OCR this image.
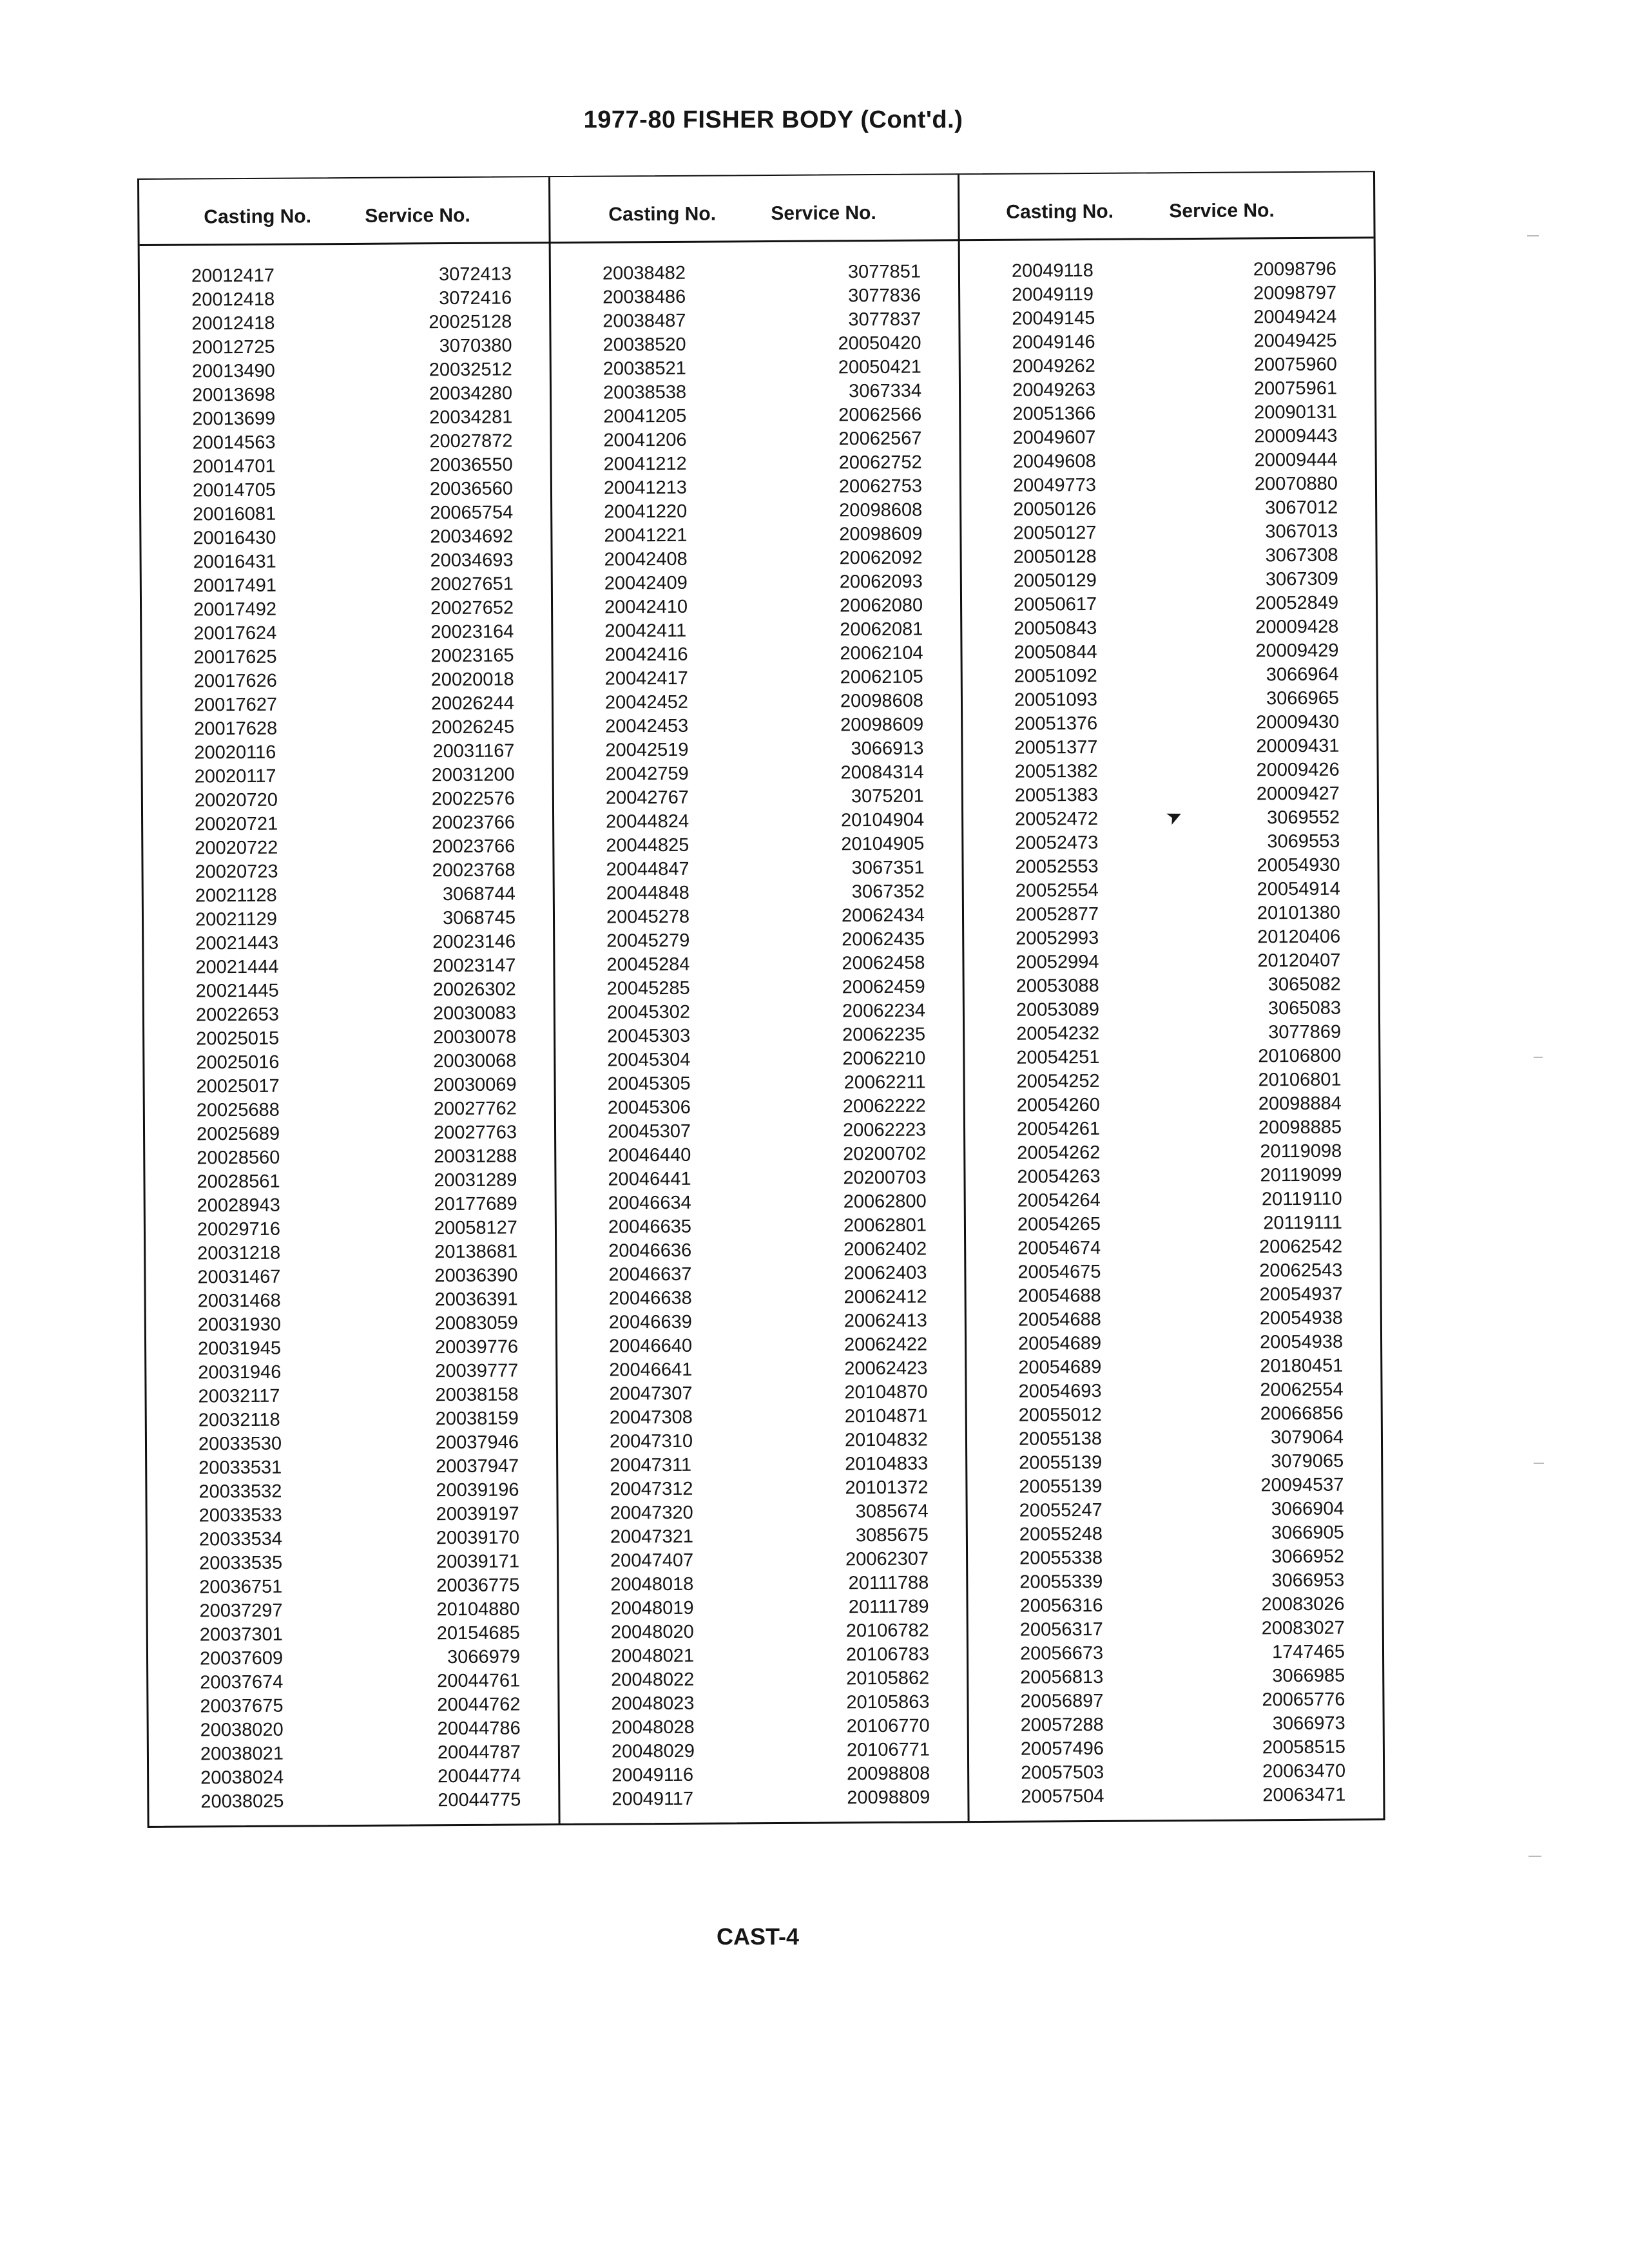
1977-80 FISHER BODY (Cont'd.)
Casting No.	Service No.
20012417	3072413
20012418	3072416
20012418	20025128
20012725	3070380
20013490	20032512
20013698	20034280
20013699	20034281
20014563	20027872
20014701	20036550
20014705	20036560
20016081	20065754
20016430	20034692
20016431	20034693
20017491	20027651
20017492	20027652
20017624	20023164
20017625	20023165
20017626	20020018
20017627	20026244
20017628	20026245
20020116	20031167
20020117	20031200
20020720	20022576
20020721	20023766
20020722	20023766
20020723	20023768
20021128	3068744
20021129	3068745
20021443	20023146
20021444	20023147
20021445	20026302
20022653	20030083
20025015	20030078
20025016	20030068
20025017	20030069
20025688	20027762
20025689	20027763
20028560	20031288
20028561	20031289
20028943	20177689
20029716	20058127
20031218	20138681
20031467	20036390
20031468	20036391
20031930	20083059
20031945	20039776
20031946	20039777
20032117	20038158
20032118	20038159
20033530	20037946
20033531	20037947
20033532	20039196
20033533	20039197
20033534	20039170
20033535	20039171
20036751	20036775
20037297	20104880
20037301	20154685
20037609	3066979
20037674	20044761
20037675	20044762
20038020	20044786
20038021	20044787
20038024	20044774
20038025	20044775
Casting No.	Service No.
20038482	3077851
20038486	3077836
20038487	3077837
20038520	20050420
20038521	20050421
20038538	3067334
20041205	20062566
20041206	20062567
20041212	20062752
20041213	20062753
20041220	20098608
20041221	20098609
20042408	20062092
20042409	20062093
20042410	20062080
20042411	20062081
20042416	20062104
20042417	20062105
20042452	20098608
20042453	20098609
20042519	3066913
20042759	20084314
20042767	3075201
20044824	20104904
20044825	20104905
20044847	3067351
20044848	3067352
20045278	20062434
20045279	20062435
20045284	20062458
20045285	20062459
20045302	20062234
20045303	20062235
20045304	20062210
20045305	20062211
20045306	20062222
20045307	20062223
20046440	20200702
20046441	20200703
20046634	20062800
20046635	20062801
20046636	20062402
20046637	20062403
20046638	20062412
20046639	20062413
20046640	20062422
20046641	20062423
20047307	20104870
20047308	20104871
20047310	20104832
20047311	20104833
20047312	20101372
20047320	3085674
20047321	3085675
20047407	20062307
20048018	20111788
20048019	20111789
20048020	20106782
20048021	20106783
20048022	20105862
20048023	20105863
20048028	20106770
20048029	20106771
20049116	20098808
20049117	20098809
Casting No.	Service No.
20049118	20098796
20049119	20098797
20049145	20049424
20049146	20049425
20049262	20075960
20049263	20075961
20051366	20090131
20049607	20009443
20049608	20009444
20049773	20070880
20050126	3067012
20050127	3067013
20050128	3067308
20050129	3067309
20050617	20052849
20050843	20009428
20050844	20009429
20051092	3066964
20051093	3066965
20051376	20009430
20051377	20009431
20051382	20009426
20051383	20009427
20052472	3069552
20052473	3069553
20052553	20054930
20052554	20054914
20052877	20101380
20052993	20120406
20052994	20120407
20053088	3065082
20053089	3065083
20054232	3077869
20054251	20106800
20054252	20106801
20054260	20098884
20054261	20098885
20054262	20119098
20054263	20119099
20054264	20119110
20054265	20119111
20054674	20062542
20054675	20062543
20054688	20054937
20054688	20054938
20054689	20054938
20054689	20180451
20054693	20062554
20055012	20066856
20055138	3079064
20055139	3079065
20055139	20094537
20055247	3066904
20055248	3066905
20055338	3066952
20055339	3066953
20056316	20083026
20056317	20083027
20056673	1747465
20056813	3066985
20056897	20065776
20057288	3066973
20057496	20058515
20057503	20063470
20057504	20063471
➤
CAST-4
